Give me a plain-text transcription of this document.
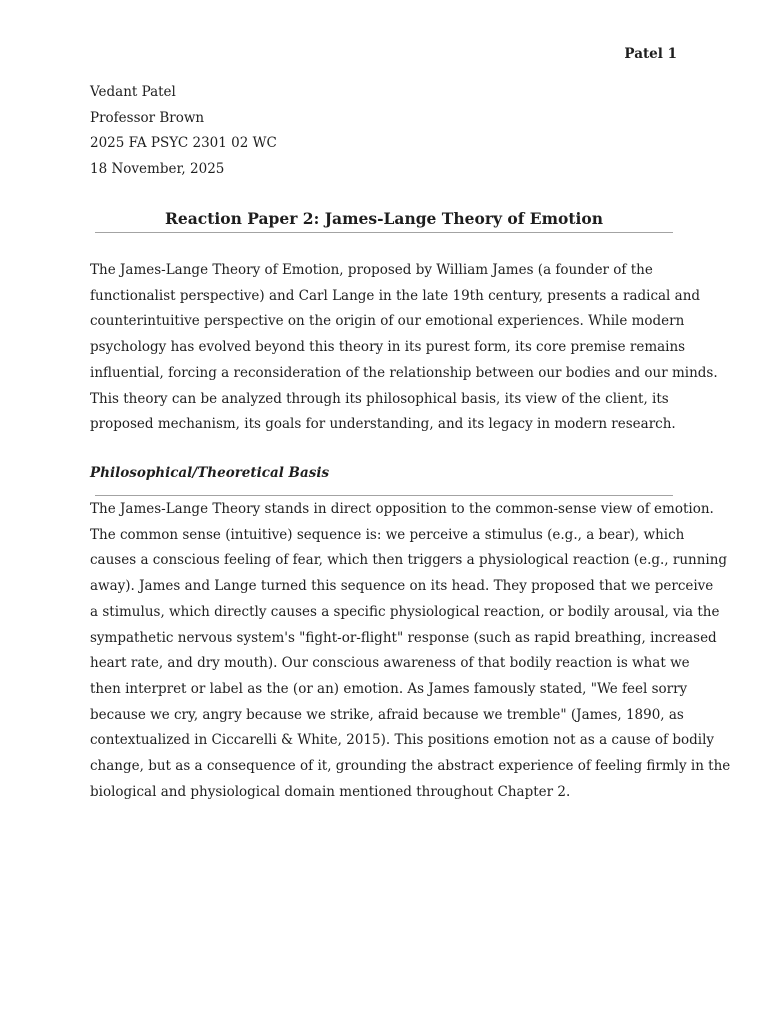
Patel 1
Vedant Patel
Professor Brown
2025 FA PSYC 2301 02 WC
18 November, 2025
Reaction Paper 2: James-Lange Theory of Emotion
The James-Lange Theory of Emotion, proposed by William James (a founder of the
functionalist perspective) and Carl Lange in the late 19th century, presents a radical and
counterintuitive perspective on the origin of our emotional experiences. While modern
psychology has evolved beyond this theory in its purest form, its core premise remains
influential, forcing a reconsideration of the relationship between our bodies and our minds.
This theory can be analyzed through its philosophical basis, its view of the client, its
proposed mechanism, its goals for understanding, and its legacy in modern research.
Philosophical/Theoretical Basis
The James-Lange Theory stands in direct opposition to the common-sense view of emotion.
The common sense (intuitive) sequence is: we perceive a stimulus (e.g., a bear), which
causes a conscious feeling of fear, which then triggers a physiological reaction (e.g., running
away). James and Lange turned this sequence on its head. They proposed that we perceive
a stimulus, which directly causes a specific physiological reaction, or bodily arousal, via the
sympathetic nervous system's "fight-or-flight" response (such as rapid breathing, increased
heart rate, and dry mouth). Our conscious awareness of that bodily reaction is what we
then interpret or label as the (or an) emotion. As James famously stated, "We feel sorry
because we cry, angry because we strike, afraid because we tremble" (James, 1890, as
contextualized in Ciccarelli & White, 2015). This positions emotion not as a cause of bodily
change, but as a consequence of it, grounding the abstract experience of feeling firmly in the
biological and physiological domain mentioned throughout Chapter 2.
